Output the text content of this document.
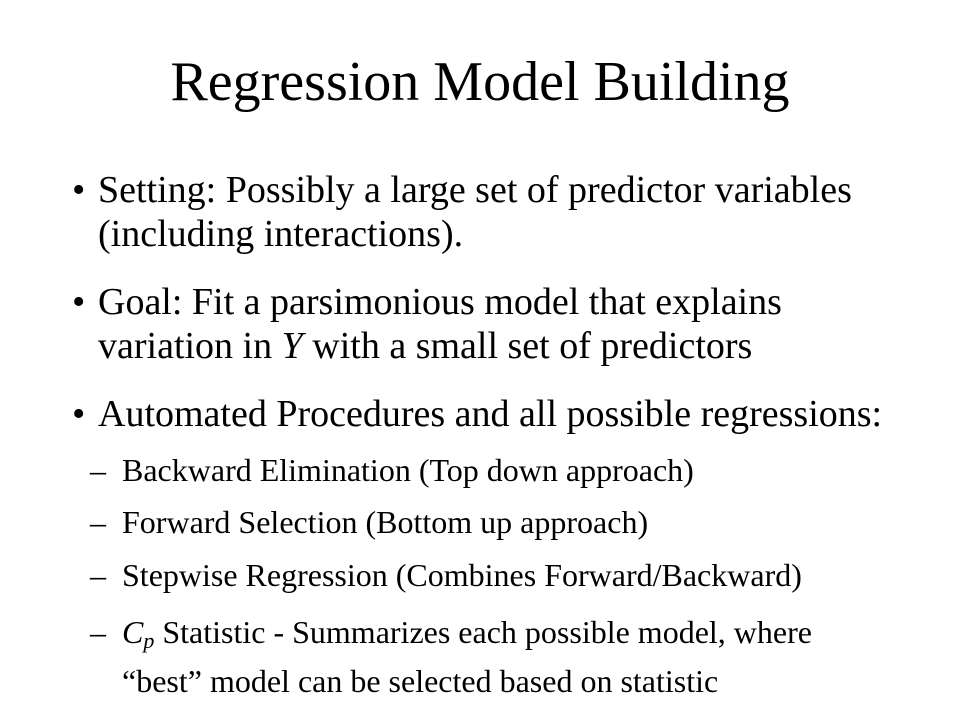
Regression Model Building
• Setting: Possibly a large set of predictor variables
(including interactions).
• Goal: Fit a parsimonious model that explains
variation in Y with a small set of predictors
• Automated Procedures and all possible regressions:
– Backward Elimination (Top down approach)
– Forward Selection (Bottom up approach)
– Stepwise Regression (Combines Forward/Backward)
– $C_p$ Statistic - Summarizes each possible model, where
“best” model can be selected based on statistic
